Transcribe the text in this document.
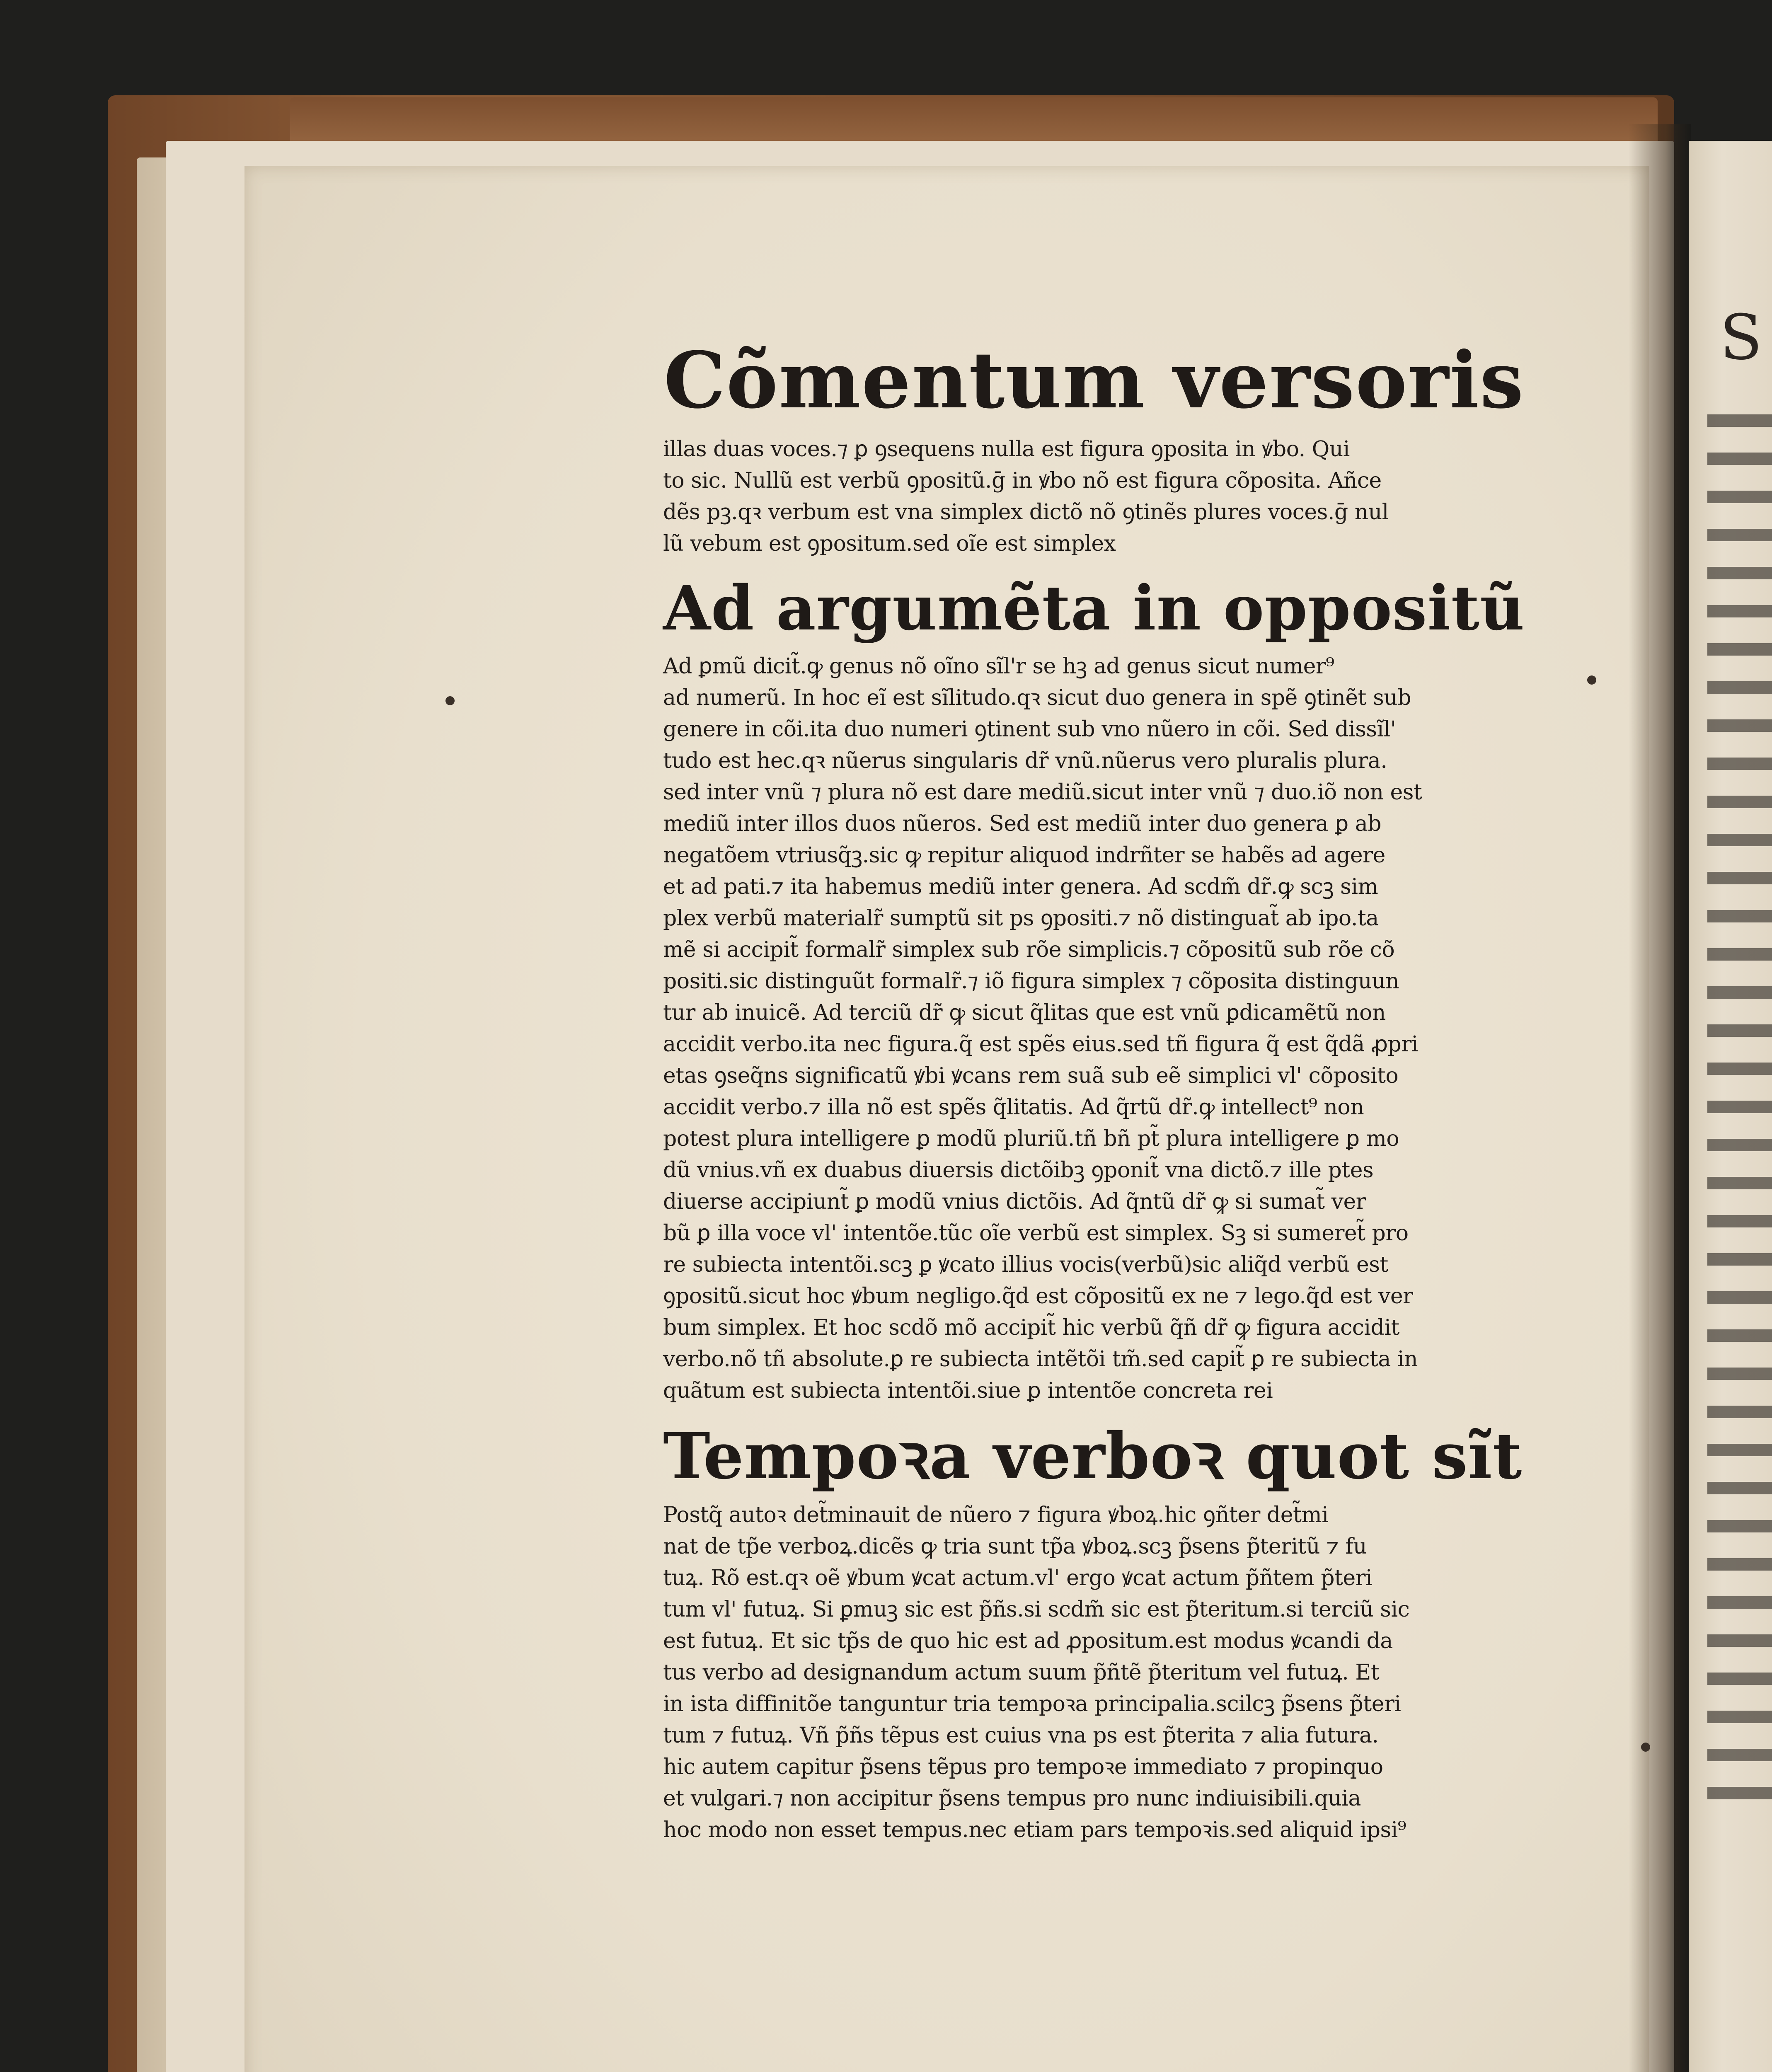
S
Cõmentum versoris
illas duas voces.⁊ ꝑ ꝯsequens nulla est figura ꝯposita in ꝟbo. Qui
to sic. Nullũ est verbũ ꝯpositũ.ḡ in ꝟbo nõ est figura cõposita. Añce
dẽs pꝫ.qꝛ verbum est vna simplex dictõ nõ ꝯtinẽs plures voces.ḡ nul
lũ vebum est ꝯpositum.sed oĩe est simplex
Ad argumẽta in oppositũ
Ad ꝑmũ dicit̃.ꝙ genus nõ oĩno sĩl'r se hꝫ ad genus sicut numer⁹
ad numerũ. In hoc eĩ est sĩlitudo.qꝛ sicut duo genera in spẽ ꝯtinẽt sub
genere in cõi.ita duo numeri ꝯtinent sub vno nũero in cõi. Sed dissĩl'
tudo est hec.qꝛ nũerus singularis dr̃ vnũ.nũerus vero pluralis plura.
sed inter vnũ ⁊ plura nõ est dare mediũ.sicut inter vnũ ⁊ duo.iõ non est
mediũ inter illos duos nũeros. Sed est mediũ inter duo genera ꝑ ab
negatõem vtriusq̃ꝫ.sic ꝙ repitur aliquod indrñter se habẽs ad agere
et ad pati.⁊ ita habemus mediũ inter genera. Ad scdm̃ dr̃.ꝙ scꝫ sim
plex verbũ materialr̃ sumptũ sit ps ꝯpositi.⁊ nõ distinguat̃ ab ipo.ta
mẽ si accipit̃ formalr̃ simplex sub rõe simplicis.⁊ cõpositũ sub rõe cõ
positi.sic distinguũt formalr̃.⁊ iõ figura simplex ⁊ cõposita distinguun
tur ab inuicẽ. Ad terciũ dr̃ ꝙ sicut q̃litas que est vnũ ꝑdicamẽtũ non
accidit verbo.ita nec figura.q̃ est spẽs eius.sed tñ figura q̃ est q̃dã ꝓpri
etas ꝯseq̃ns significatũ ꝟbi ꝟcans rem suã sub eẽ simplici vl' cõposito
accidit verbo.⁊ illa nõ est spẽs q̃litatis. Ad q̃rtũ dr̃.ꝙ intellect⁹ non
potest plura intelligere ꝑ modũ pluriũ.tñ bñ pt̃ plura intelligere ꝑ mo
dũ vnius.vñ ex duabus diuersis dictõibꝫ ꝯponit̃ vna dictõ.⁊ ille ptes
diuerse accipiunt̃ ꝑ modũ vnius dictõis. Ad q̃ntũ dr̃ ꝙ si sumat̃ ver
bũ ꝑ illa voce vl' intentõe.tũc oĩe verbũ est simplex. Sꝫ si sumeret̃ pro
re subiecta intentõi.scꝫ ꝑ ꝟcato illius vocis(verbũ)sic aliq̃d verbũ est
ꝯpositũ.sicut hoc ꝟbum negligo.q̃d est cõpositũ ex ne ⁊ lego.q̃d est ver
bum simplex. Et hoc scdõ mõ accipit̃ hic verbũ q̃ñ dr̃ ꝙ figura accidit
verbo.nõ tñ absolute.ꝑ re subiecta intẽtõi tm̃.sed capit̃ ꝑ re subiecta in
quãtum est subiecta intentõi.siue ꝑ intentõe concreta rei
Tempoꝛa verboꝛ quot sĩt
Postq̃ autoꝛ det̃minauit de nũero ⁊ figura ꝟboꝝ.hic ꝯñter det̃mi
nat de tp̃e verboꝝ.dicẽs ꝙ tria sunt tp̃a ꝟboꝝ.scꝫ p̃sens p̃teritũ ⁊ fu
tuꝝ. Rõ est.qꝛ oẽ ꝟbum ꝟcat actum.vl' ergo ꝟcat actum p̃ñtem p̃teri
tum vl' futuꝝ. Si ꝑmuꝫ sic est p̃ñs.si scdm̃ sic est p̃teritum.si terciũ sic
est futuꝝ. Et sic tp̃s de quo hic est ad ꝓpositum.est modus ꝟcandi da
tus verbo ad designandum actum suum p̃ñtẽ p̃teritum vel futuꝝ. Et
in ista diffinitõe tanguntur tria tempoꝛa principalia.scilcꝫ p̃sens p̃teri
tum ⁊ futuꝝ. Vñ p̃ñs tẽpus est cuius vna ps est p̃terita ⁊ alia futura.
hic autem capitur p̃sens tẽpus pro tempoꝛe immediato ⁊ propinquo
et vulgari.⁊ non accipitur p̃sens tempus pro nunc indiuisibili.quia
hoc modo non esset tempus.nec etiam pars tempoꝛis.sed aliquid ipsi⁹
